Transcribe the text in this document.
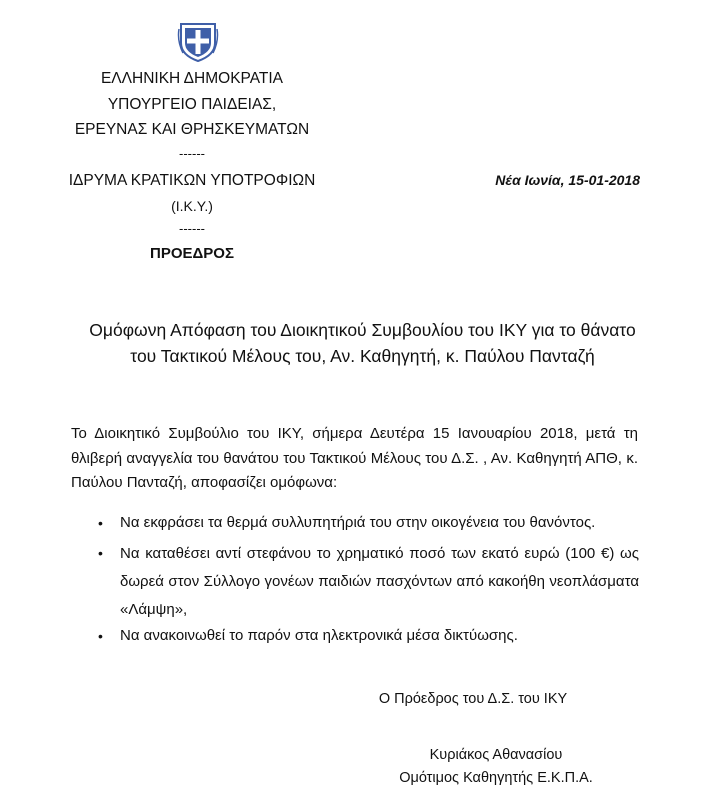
ΕΛΛΗΝΙΚΗ ΔΗΜΟΚΡΑΤΙΑ
ΥΠΟΥΡΓΕΙΟ ΠΑΙΔΕΙΑΣ,
ΕΡΕΥΝΑΣ ΚΑΙ ΘΡΗΣΚΕΥΜΑΤΩΝ
------
ΙΔΡΥΜΑ ΚΡΑΤΙΚΩΝ ΥΠΟΤΡΟΦΙΩΝ
(Ι.Κ.Υ.)
------
ΠΡΟΕΔΡΟΣ
Νέα Ιωνία, 15-01-2018
Ομόφωνη Απόφαση του Διοικητικού Συμβουλίου του ΙΚΥ για το θάνατο
του Τακτικού Μέλους του, Αν. Καθηγητή, κ. Παύλου Πανταζή
Το Διοικητικό Συμβούλιο του ΙΚΥ, σήμερα Δευτέρα 15 Ιανουαρίου 2018, μετά τη θλιβερή αναγγελία του θανάτου του Τακτικού Μέλους του Δ.Σ. , Αν. Καθηγητή ΑΠΘ, κ. Παύλου Πανταζή, αποφασίζει ομόφωνα:
• Να εκφράσει τα θερμά συλλυπητήριά του στην οικογένεια του θανόντος.
• Να καταθέσει αντί στεφάνου το χρηματικό ποσό των εκατό ευρώ (100 €) ως
δωρεά στον Σύλλογο γονέων παιδιών πασχόντων από κακοήθη νεοπλάσματα
«Λάμψη»,
• Να ανακοινωθεί το παρόν στα ηλεκτρονικά μέσα δικτύωσης.
Ο Πρόεδρος του Δ.Σ. του ΙΚΥ
Κυριάκος Αθανασίου
Ομότιμος Καθηγητής Ε.Κ.Π.Α.
